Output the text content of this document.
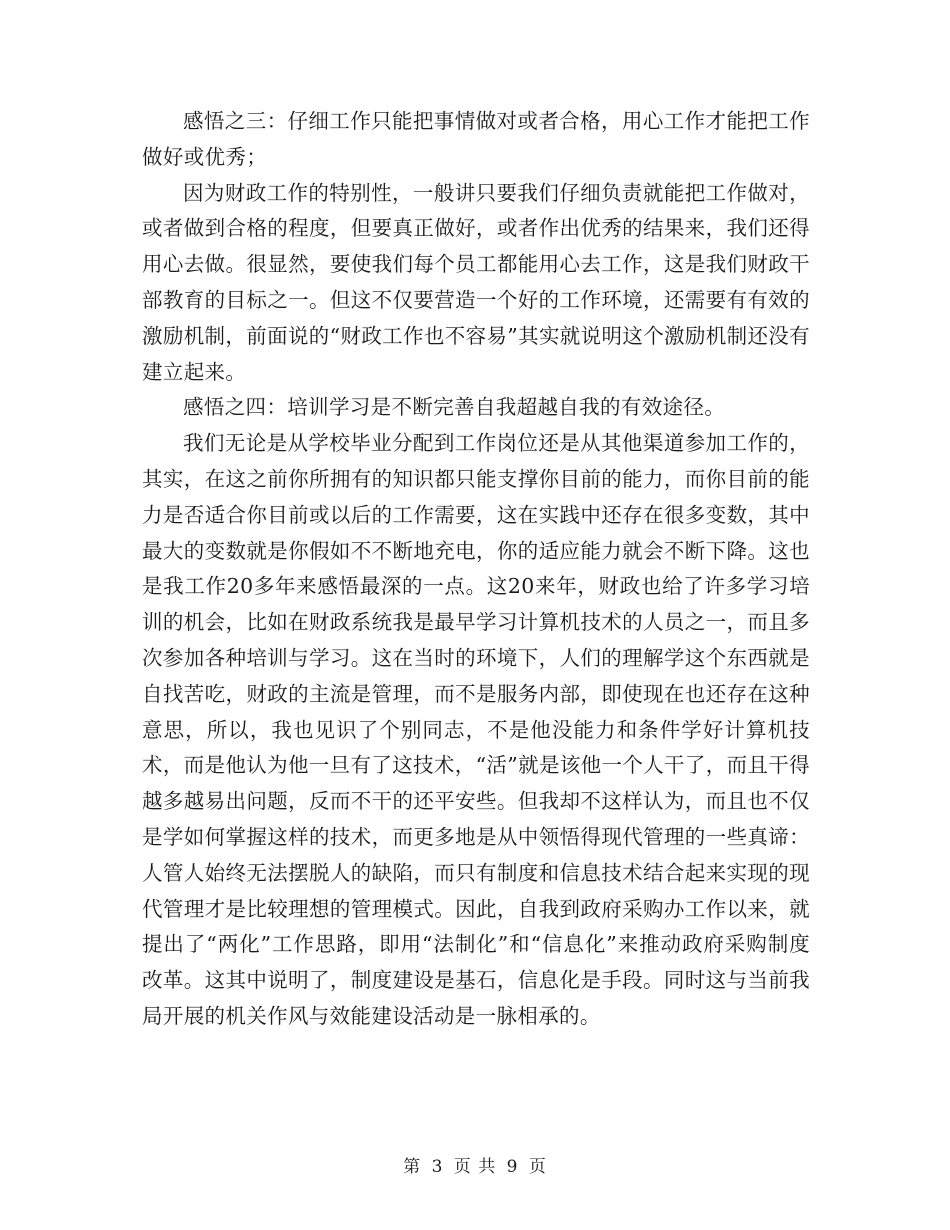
感悟之三：仔细工作只能把事情做对或者合格，用心工作才能把工作做好或优秀；

因为财政工作的特别性，一般讲只要我们仔细负责就能把工作做对，或者做到合格的程度，但要真正做好，或者作出优秀的结果来，我们还得用心去做。很显然，要使我们每个员工都能用心去工作，这是我们财政干部教育的目标之一。但这不仅要营造一个好的工作环境，还需要有有效的激励机制，前面说的“财政工作也不容易”其实就说明这个激励机制还没有建立起来。

感悟之四：培训学习是不断完善自我超越自我的有效途径。

我们无论是从学校毕业分配到工作岗位还是从其他渠道参加工作的，其实，在这之前你所拥有的知识都只能支撑你目前的能力，而你目前的能力是否适合你目前或以后的工作需要，这在实践中还存在很多变数，其中最大的变数就是你假如不不断地充电，你的适应能力就会不断下降。这也是我工作20多年来感悟最深的一点。这20来年，财政也给了许多学习培训的机会，比如在财政系统我是最早学习计算机技术的人员之一，而且多次参加各种培训与学习。这在当时的环境下，人们的理解学这个东西就是自找苦吃，财政的主流是管理，而不是服务内部，即使现在也还存在这种意思，所以，我也见识了个别同志，不是他没能力和条件学好计算机技术，而是他认为他一旦有了这技术，“活”就是该他一个人干了，而且干得越多越易出问题，反而不干的还平安些。但我却不这样认为，而且也不仅是学如何掌握这样的技术，而更多地是从中领悟得现代管理的一些真谛：人管人始终无法摆脱人的缺陷，而只有制度和信息技术结合起来实现的现代管理才是比较理想的管理模式。因此，自我到政府采购办工作以来，就提出了“两化”工作思路，即用“法制化”和“信息化”来推动政府采购制度改革。这其中说明了，制度建设是基石，信息化是手段。同时这与当前我局开展的机关作风与效能建设活动是一脉相承的。

第 3 页 共 9 页
